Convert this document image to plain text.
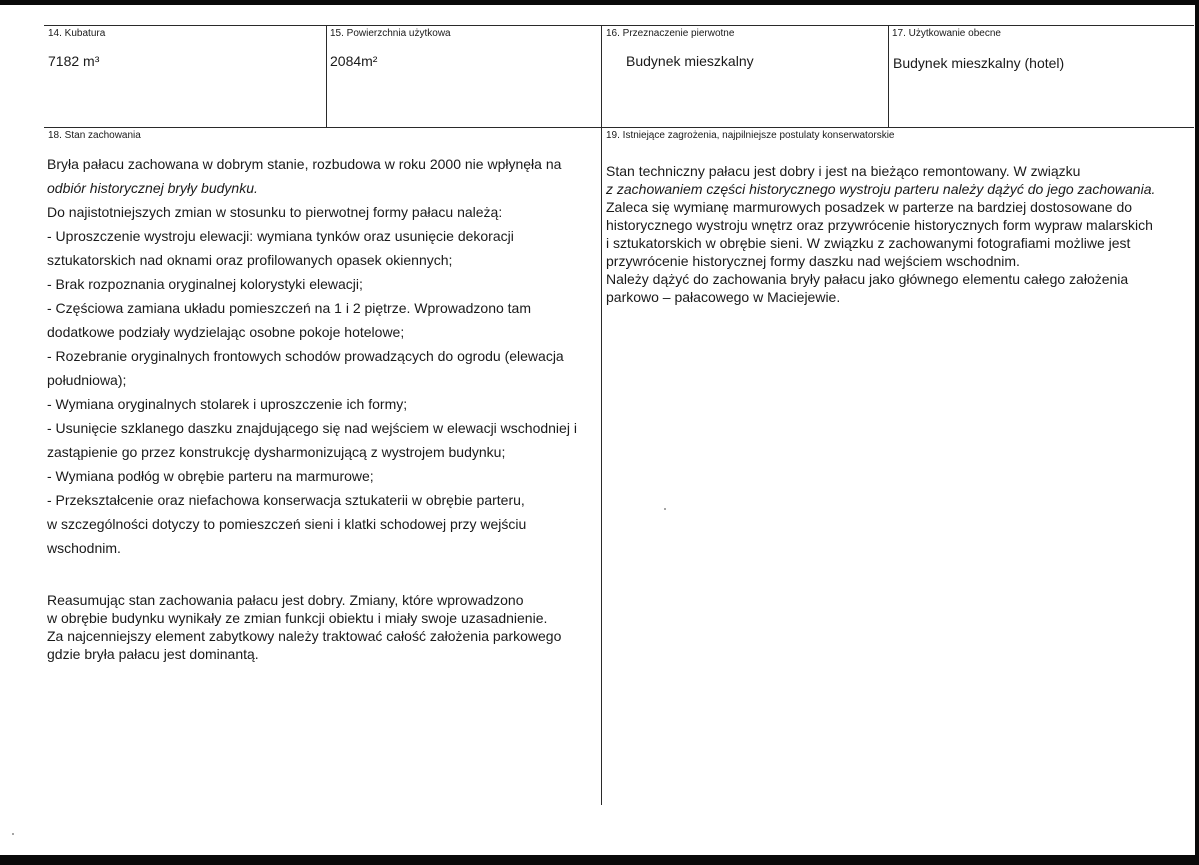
14. Kubatura
7182 m³
15. Powierzchnia użytkowa
2084m²
16. Przeznaczenie pierwotne
Budynek mieszkalny
17. Użytkowanie obecne
Budynek mieszkalny (hotel)
18. Stan zachowania

Bryła pałacu zachowana w dobrym stanie, rozbudowa w roku 2000 nie wpłynęła na

odbiór historycznej bryły budynku.

Do najistotniejszych zmian w stosunku to pierwotnej formy pałacu należą:

- Uproszczenie wystroju elewacji: wymiana tynków oraz usunięcie dekoracji

sztukatorskich nad oknami oraz profilowanych opasek okiennych;

- Brak rozpoznania oryginalnej kolorystyki elewacji;

- Częściowa zamiana układu pomieszczeń na 1 i 2 piętrze. Wprowadzono tam

dodatkowe podziały wydzielając osobne pokoje hotelowe;

- Rozebranie oryginalnych frontowych schodów prowadzących do ogrodu (elewacja

południowa);

- Wymiana oryginalnych stolarek i uproszczenie ich formy;

- Usunięcie szklanego daszku znajdującego się nad wejściem w elewacji wschodniej i

zastąpienie go przez konstrukcję dysharmonizującą z wystrojem budynku;

- Wymiana podłóg w obrębie parteru na marmurowe;

- Przekształcenie oraz niefachowa konserwacja sztukaterii w obrębie parteru,

w szczególności dotyczy to pomieszczeń sieni i klatki schodowej przy wejściu

wschodnim.

Reasumując stan zachowania pałacu jest dobry. Zmiany, które wprowadzono

w obrębie budynku wynikały ze zmian funkcji obiektu i miały swoje uzasadnienie.

Za najcenniejszy element zabytkowy należy traktować całość założenia parkowego

gdzie bryła pałacu jest dominantą.

19. Istniejące zagrożenia, najpilniejsze postulaty konserwatorskie

Stan techniczny pałacu jest dobry i jest na bieżąco remontowany. W związku

z zachowaniem części historycznego wystroju parteru należy dążyć do jego zachowania.

Zaleca się wymianę marmurowych posadzek w parterze na bardziej dostosowane do

historycznego wystroju wnętrz oraz przywrócenie historycznych form wypraw malarskich

i sztukatorskich w obrębie sieni. W związku z zachowanymi fotografiami możliwe jest

przywrócenie historycznej formy daszku nad wejściem wschodnim.

Należy dążyć do zachowania bryły pałacu jako głównego elementu całego założenia

parkowo – pałacowego w Maciejewie.
